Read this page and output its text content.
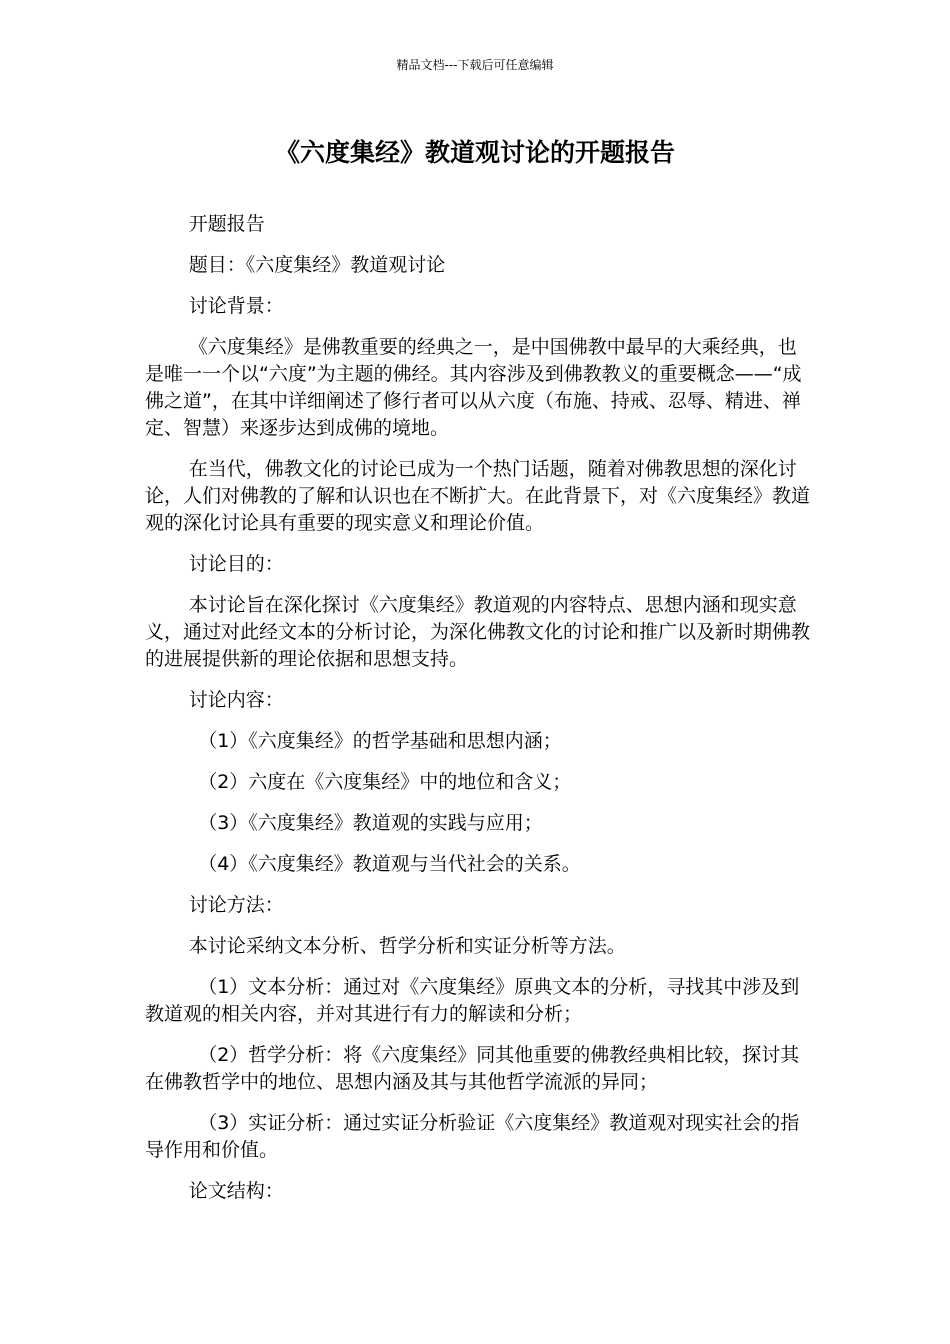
精品文档---下载后可任意编辑
《六度集经》教道观讨论的开题报告

开题报告

题目：《六度集经》教道观讨论

讨论背景：

《六度集经》是佛教重要的经典之一，是中国佛教中最早的大乘经典，也是唯一一个以“六度”为主题的佛经。其内容涉及到佛教教义的重要概念——“成佛之道”，在其中详细阐述了修行者可以从六度（布施、持戒、忍辱、精进、禅定、智慧）来逐步达到成佛的境地。

在当代，佛教文化的讨论已成为一个热门话题，随着对佛教思想的深化讨论，人们对佛教的了解和认识也在不断扩大。在此背景下，对《六度集经》教道观的深化讨论具有重要的现实意义和理论价值。

讨论目的：

本讨论旨在深化探讨《六度集经》教道观的内容特点、思想内涵和现实意义，通过对此经文本的分析讨论，为深化佛教文化的讨论和推广以及新时期佛教的进展提供新的理论依据和思想支持。

讨论内容：

（1）《六度集经》的哲学基础和思想内涵；

（2）六度在《六度集经》中的地位和含义；

（3）《六度集经》教道观的实践与应用；

（4）《六度集经》教道观与当代社会的关系。

讨论方法：

本讨论采纳文本分析、哲学分析和实证分析等方法。

（1）文本分析：通过对《六度集经》原典文本的分析，寻找其中涉及到教道观的相关内容，并对其进行有力的解读和分析；

（2）哲学分析：将《六度集经》同其他重要的佛教经典相比较，探讨其在佛教哲学中的地位、思想内涵及其与其他哲学流派的异同；

（3）实证分析：通过实证分析验证《六度集经》教道观对现实社会的指导作用和价值。

论文结构：
